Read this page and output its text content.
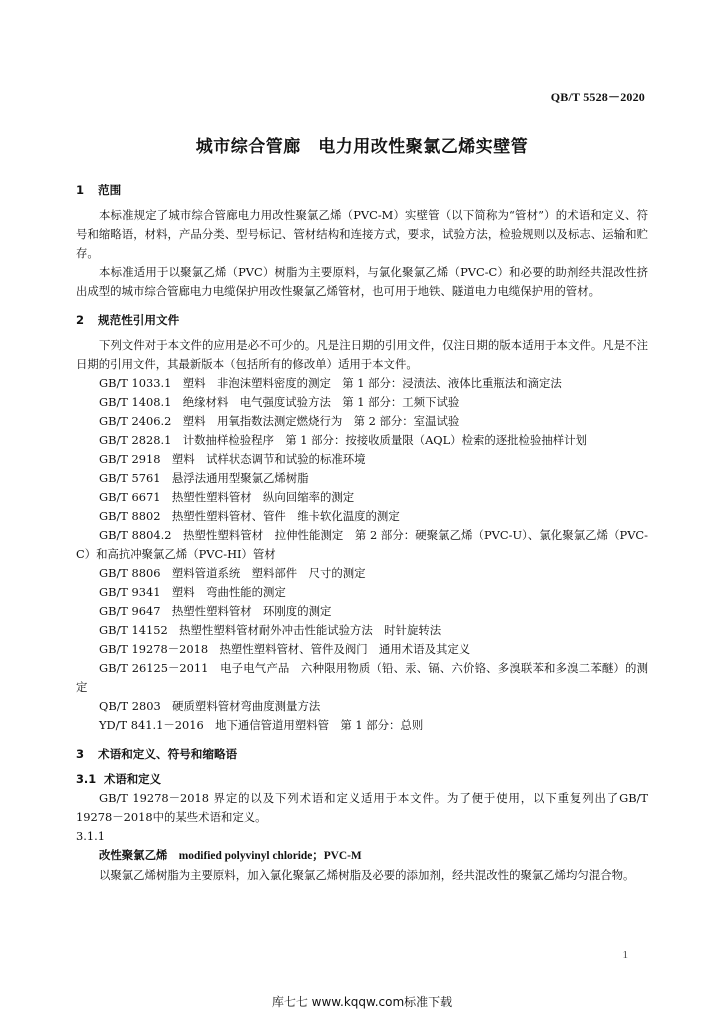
QB/T 5528－2020
城市综合管廊　电力用改性聚氯乙烯实壁管
1 范围

本标准规定了城市综合管廊电力用改性聚氯乙烯（PVC-M）实壁管（以下简称为“管材”）的术语和定义、符号和缩略语，材料，产品分类、型号标记、管材结构和连接方式，要求，试验方法，检验规则以及标志、运输和贮存。

本标准适用于以聚氯乙烯（PVC）树脂为主要原料，与氯化聚氯乙烯（PVC-C）和必要的助剂经共混改性挤出成型的城市综合管廊电力电缆保护用改性聚氯乙烯管材，也可用于地铁、隧道电力电缆保护用的管材。

2 规范性引用文件

下列文件对于本文件的应用是必不可少的。凡是注日期的引用文件，仅注日期的版本适用于本文件。凡是不注日期的引用文件，其最新版本（包括所有的修改单）适用于本文件。

GB/T 1033.1　塑料　非泡沫塑料密度的测定　第 1 部分：浸渍法、液体比重瓶法和滴定法

GB/T 1408.1　绝缘材料　电气强度试验方法　第 1 部分：工频下试验

GB/T 2406.2　塑料　用氧指数法测定燃烧行为　第 2 部分：室温试验

GB/T 2828.1　计数抽样检验程序　第 1 部分：按接收质量限（AQL）检索的逐批检验抽样计划

GB/T 2918　塑料　试样状态调节和试验的标准环境

GB/T 5761　悬浮法通用型聚氯乙烯树脂

GB/T 6671　热塑性塑料管材　纵向回缩率的测定

GB/T 8802　热塑性塑料管材、管件　维卡软化温度的测定

GB/T 8804.2　热塑性塑料管材　拉伸性能测定　第 2 部分：硬聚氯乙烯（PVC-U）、氯化聚氯乙烯（PVC-C）和高抗冲聚氯乙烯（PVC-HI）管材

GB/T 8806　塑料管道系统　塑料部件　尺寸的测定

GB/T 9341　塑料　弯曲性能的测定

GB/T 9647　热塑性塑料管材　环刚度的测定

GB/T 14152　热塑性塑料管材耐外冲击性能试验方法　时针旋转法

GB/T 19278－2018　热塑性塑料管材、管件及阀门　通用术语及其定义

GB/T 26125－2011　电子电气产品　六种限用物质（铅、汞、镉、六价铬、多溴联苯和多溴二苯醚）的测定

QB/T 2803　硬质塑料管材弯曲度测量方法

YD/T 841.1－2016　地下通信管道用塑料管　第 1 部分：总则

3 术语和定义、符号和缩略语
3.1 术语和定义

GB/T 19278－2018 界定的以及下列术语和定义适用于本文件。为了便于使用，以下重复列出了GB/T 19278－2018中的某些术语和定义。

3.1.1

改性聚氯乙烯　 modified polyvinyl chloride；PVC-M

以聚氯乙烯树脂为主要原料，加入氯化聚氯乙烯树脂及必要的添加剂，经共混改性的聚氯乙烯均匀混合物。

1
库七七 www.kqqw.com标准下载
